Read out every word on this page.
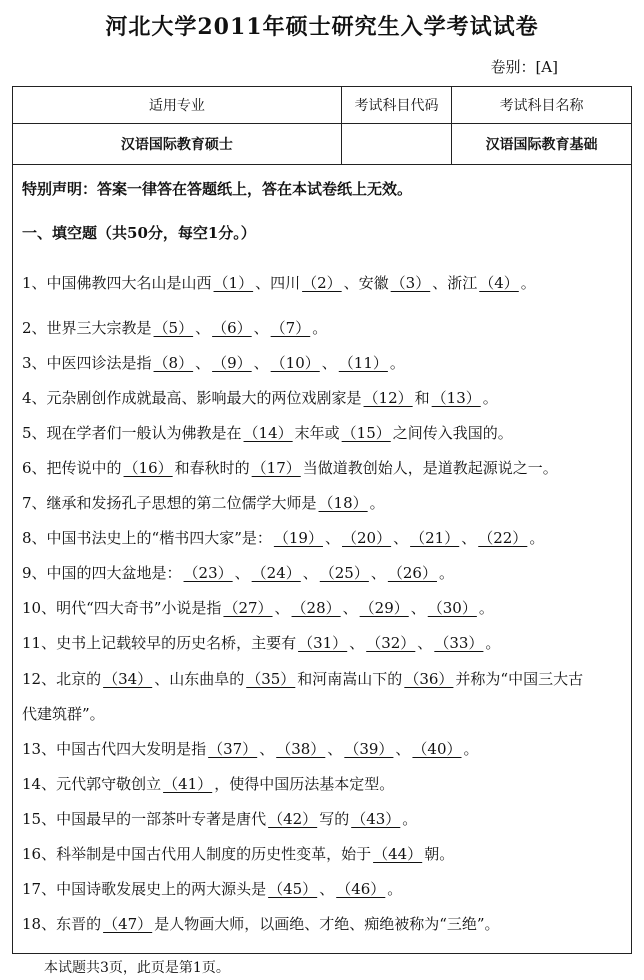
河北大学2011年硕士研究生入学考试试卷
卷别：[A]
适用专业	考试科目代码	考试科目名称
汉语国际教育硕士		汉语国际教育基础
特别声明：答案一律答在答题纸上，答在本试卷纸上无效。
一、填空题（共50分，每空1分。）
1、中国佛教四大名山是山西 （1） 、四川 （2） 、安徽 （3） 、浙江 （4） 。
2、世界三大宗教是 （5） 、 （6） 、 （7） 。
3、中医四诊法是指 （8） 、 （9） 、 （10） 、 （11） 。
4、元杂剧创作成就最高、影响最大的两位戏剧家是 （12） 和 （13） 。
5、现在学者们一般认为佛教是在 （14） 末年或 （15） 之间传入我国的。
6、把传说中的 （16） 和春秋时的 （17） 当做道教创始人，是道教起源说之一。
7、继承和发扬孔子思想的第二位儒学大师是 （18） 。
8、中国书法史上的“楷书四大家”是： （19） 、 （20） 、 （21） 、 （22） 。
9、中国的四大盆地是： （23） 、 （24） 、 （25） 、 （26） 。
10、明代“四大奇书”小说是指 （27） 、 （28） 、 （29） 、 （30） 。
11、史书上记载较早的历史名桥，主要有 （31） 、 （32） 、 （33） 。
12、北京的 （34） 、山东曲阜的 （35） 和河南嵩山下的 （36） 并称为“中国三大古
代建筑群”。
13、中国古代四大发明是指 （37） 、 （38） 、 （39） 、 （40） 。
14、元代郭守敬创立 （41） ，使得中国历法基本定型。
15、中国最早的一部茶叶专著是唐代 （42） 写的 （43） 。
16、科举制是中国古代用人制度的历史性变革，始于 （44） 朝。
17、中国诗歌发展史上的两大源头是 （45） 、 （46） 。
18、东晋的 （47） 是人物画大师，以画绝、才绝、痴绝被称为“三绝”。
本试题共3页，此页是第1页。
